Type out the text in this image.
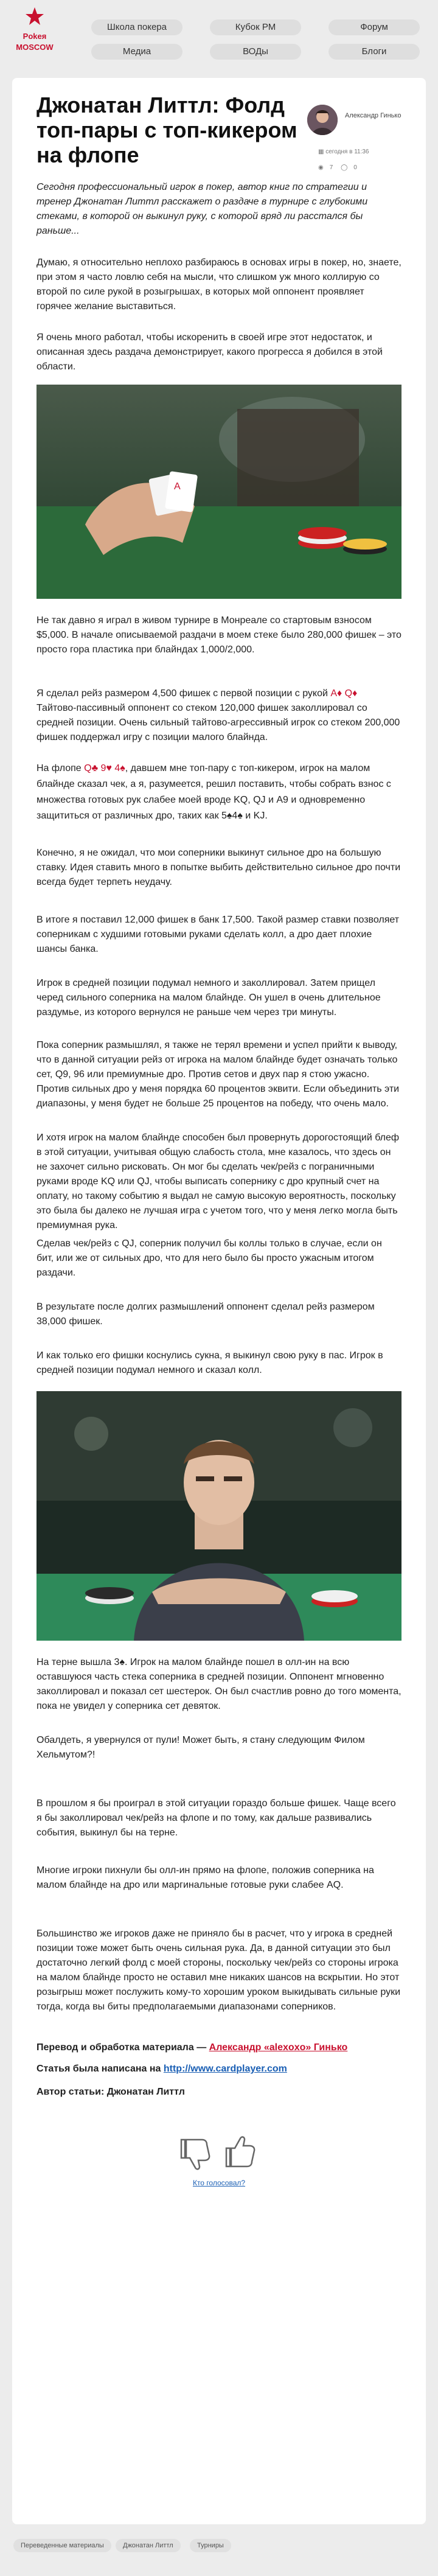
Pokeя
MOSCOW
Школа покера	Кубок РМ	Форум
Медиа	ВОДы	Блоги
Джонатан Литтл: Фолд топ-пары с топ-кикером на флопе
Александр Гинько
▦ сегодня в 11:36
◉ 7 ◯ 0

Сегодня профессиональный игрок в покер, автор книг по стратегии и тренер Джонатан Литтл расскажет о раздаче в турнире с глубокими стеками, в которой он выкинул руку, с которой вряд ли расстался бы раньше...

Думаю, я относительно неплохо разбираюсь в основах игры в покер, но, знаете, при этом я часто ловлю себя на мысли, что слишком уж много коллирую со второй по силе рукой в розыгрышах, в которых мой оппонент проявляет горячее желание выставиться.

Я очень много работал, чтобы искоренить в своей игре этот недостаток, и описанная здесь раздача демонстрирует, какого прогресса я добился в этой области.

A

Не так давно я играл в живом турнире в Монреале со стартовым взносом $5,000. В начале описываемой раздачи в моем стеке было 280,000 фишек – это просто гора пластика при блайндах 1,000/2,000.

Я сделал рейз размером 4,500 фишек с первой позиции с рукой A♦ Q♦

Тайтово-пассивный оппонент со стеком 120,000 фишек заколлировал со средней позиции. Очень сильный тайтово-агрессивный игрок со стеком 200,000 фишек поддержал игру с позиции малого блайнда.

На флопе Q♣ 9♥ 4♠, давшем мне топ-пару с топ-кикером, игрок на малом блайнде сказал чек, а я, разумеется, решил поставить, чтобы собрать взнос с множества готовых рук слабее моей вроде KQ, QJ и A9 и одновременно защититься от различных дро, таких как 5♠4♠ и KJ.

Конечно, я не ожидал, что мои соперники выкинут сильное дро на большую ставку. Идея ставить много в попытке выбить действительно сильное дро почти всегда будет терпеть неудачу.

В итоге я поставил 12,000 фишек в банк 17,500. Такой размер ставки позволяет соперникам с худшими готовыми руками сделать колл, а дро дает плохие шансы банка.

Игрок в средней позиции подумал немного и заколлировал. Затем прищел черед сильного соперника на малом блайнде. Он ушел в очень длительное раздумье, из которого вернулся не раньше чем через три минуты.

Пока соперник размышлял, я также не терял времени и успел прийти к выводу, что в данной ситуации рейз от игрока на малом блайнде будет означать только сет, Q9, 96 или премиумные дро. Против сетов и двух пар я стою ужасно. Против сильных дро у меня порядка 60 процентов эквити. Если объединить эти диапазоны, у меня будет не больше 25 процентов на победу, что очень мало.

И хотя игрок на малом блайнде способен был провернуть дорогостоящий блеф в этой ситуации, учитывая общую слабость стола, мне казалось, что здесь он не захочет сильно рисковать. Он мог бы сделать чек/рейз с пограничными руками вроде KQ или QJ, чтобы выписать сопернику с дро крупный счет на оплату, но такому событию я выдал не самую высокую вероятность, поскольку это была бы далеко не лучшая игра с учетом того, что у меня легко могла быть премиумная рука.

Сделав чек/рейз с QJ, соперник получил бы коллы только в случае, если он бит, или же от сильных дро, что для него было бы просто ужасным итогом раздачи.

В результате после долгих размышлений оппонент сделал рейз размером 38,000 фишек.

И как только его фишки коснулись сукна, я выкинул свою руку в пас. Игрок в средней позиции подумал немного и сказал колл.

На терне вышла 3♠. Игрок на малом блайнде пошел в олл-ин на всю оставшуюся часть стека соперника в средней позиции. Оппонент мгновенно заколлировал и показал сет шестерок. Он был счастлив ровно до того момента, пока не увидел у соперника сет девяток.

Обалдеть, я увернулся от пули! Может быть, я стану следующим Филом Хельмутом?!

В прошлом я бы проиграл в этой ситуации гораздо больше фишек. Чаще всего я бы заколлировал чек/рейз на флопе и по тому, как дальше развивались события, выкинул бы на терне.

Многие игроки пихнули бы олл-ин прямо на флопе, положив соперника на малом блайнде на дро или маргинальные готовые руки слабее AQ.

Большинство же игроков даже не приняло бы в расчет, что у игрока в средней позиции тоже может быть очень сильная рука. Да, в данной ситуации это был достаточно легкий фолд с моей стороны, поскольку чек/рейз со стороны игрока на малом блайнде просто не оставил мне никаких шансов на вскрытии. Но этот розыгрыш может послужить кому-то хорошим уроком выкидывать сильные руки тогда, когда вы биты предполагаемыми диапазонами соперников.

Перевод и обработка материала — Александр «alexoxo» Гинько
Статья была написана на http://www.cardplayer.com
Автор статьи: Джонатан Литтл
Кто голосовал?
Переведенные материалы	Джонатан Литтл	Турниры
